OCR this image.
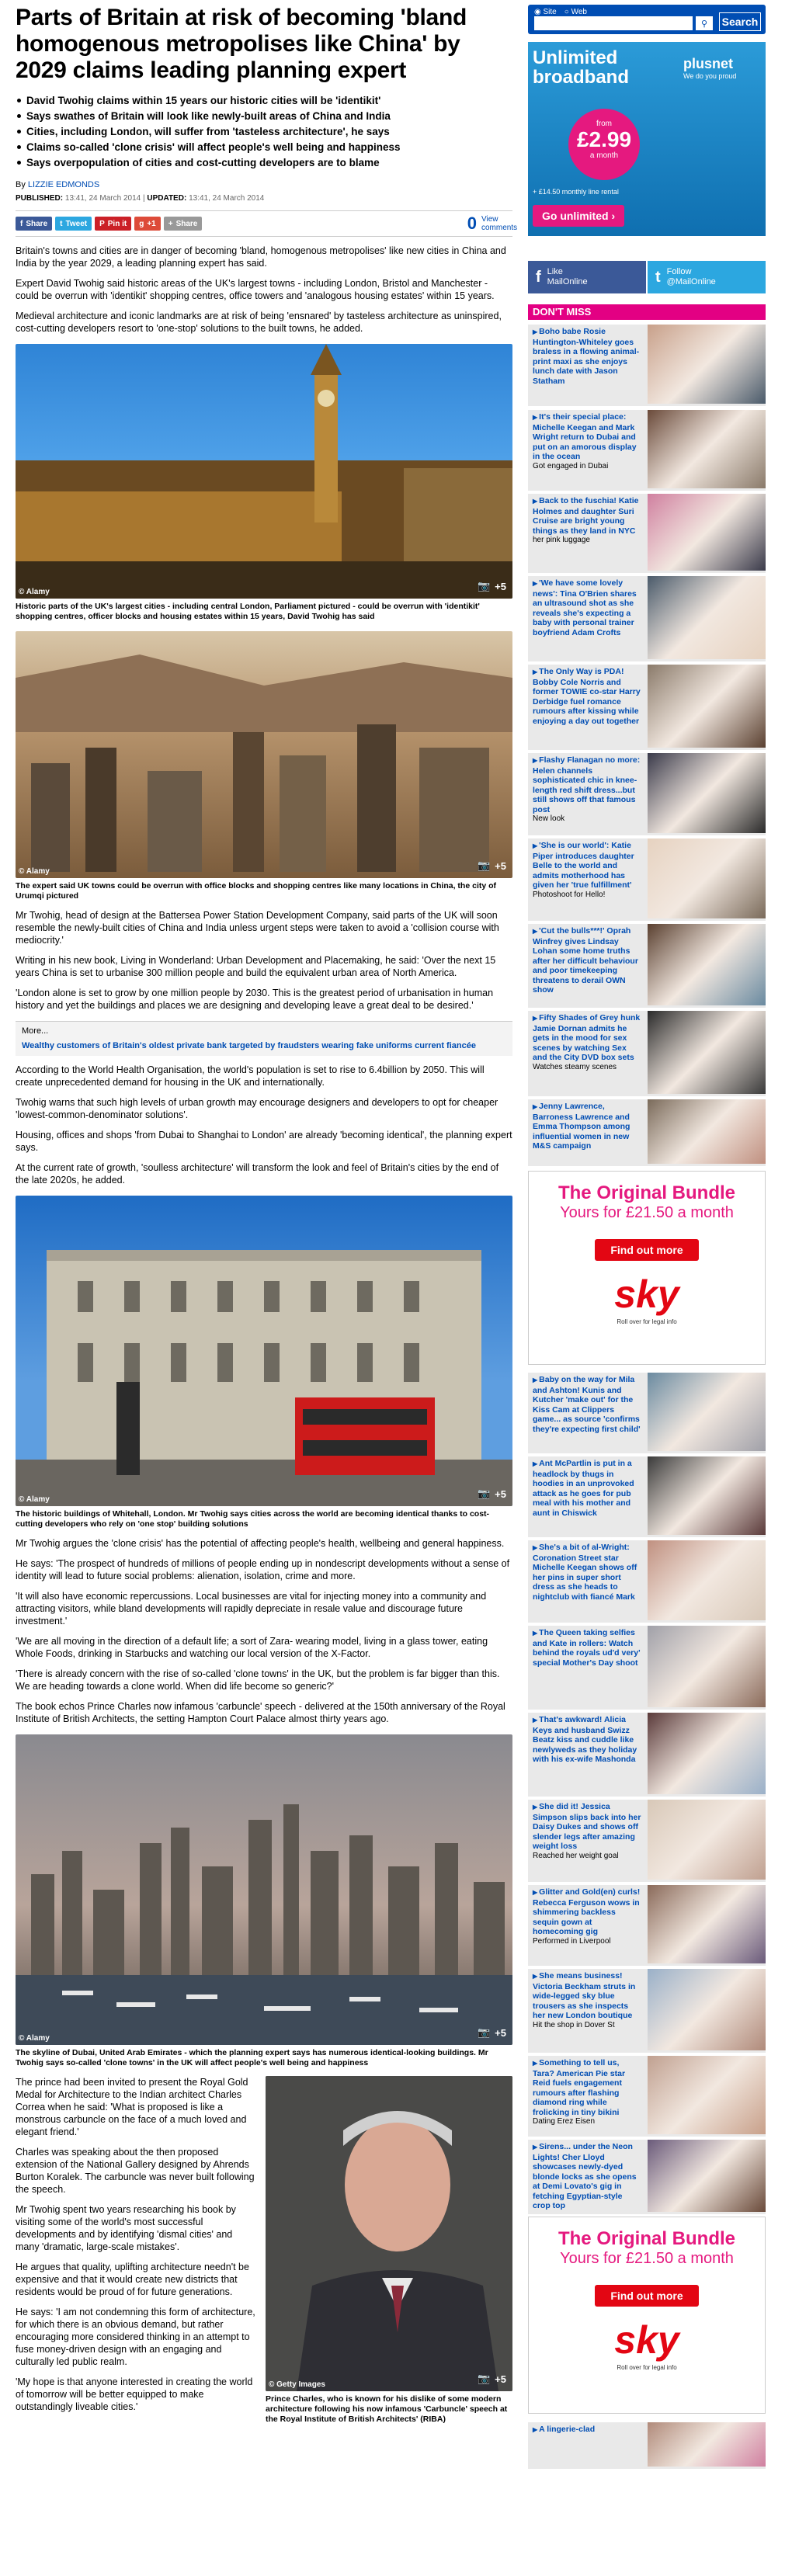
Parts of Britain at risk of becoming 'bland homogenous metropolises like China' by 2029 claims leading planning expert
David Twohig claims within 15 years our historic cities will be 'identikit'
Says swathes of Britain will look like newly-built areas of China and India
Cities, including London, will suffer from 'tasteless architecture', he says
Claims so-called 'clone crisis' will affect people's well being and happiness
Says overpopulation of cities and cost-cutting developers are to blame
By LIZZIE EDMONDS
PUBLISHED: 13:41, 24 March 2014 | UPDATED: 13:41, 24 March 2014
f Share t Tweet P Pin it g +1 + Share	0 View comments

Britain's towns and cities are in danger of becoming 'bland, homogenous metropolises' like new cities in China and India by the year 2029, a leading planning expert has said.

Expert David Twohig said historic areas of the UK's largest towns - including London, Bristol and Manchester - could be overrun with 'identikit' shopping centres, office towers and 'analogous housing estates' within 15 years.

Medieval architecture and iconic landmarks are at risk of being 'ensnared' by tasteless architecture as uninspired, cost-cutting developers resort to 'one-stop' solutions to the built towns, he added.

© Alamy
📷 +5
Historic parts of the UK's largest cities - including central London, Parliament pictured - could be overrun with 'identikit' shopping centres, officer blocks and housing estates within 15 years, David Twohig has said
© Alamy
📷 +5
The expert said UK towns could be overrun with office blocks and shopping centres like many locations in China, the city of Urumqi pictured

Mr Twohig, head of design at the Battersea Power Station Development Company, said parts of the UK will soon resemble the newly-built cities of China and India unless urgent steps were taken to avoid a 'collision course with mediocrity.'

Writing in his new book, Living in Wonderland: Urban Development and Placemaking, he said: 'Over the next 15 years China is set to urbanise 300 million people and build the equivalent urban area of North America.

'London alone is set to grow by one million people by 2030. This is the greatest period of urbanisation in human history and yet the buildings and places we are designing and developing leave a great deal to be desired.'

More...
Wealthy customers of Britain's oldest private bank targeted by fraudsters wearing fake uniforms current fiancée

According to the World Health Organisation, the world's population is set to rise to 6.4billion by 2050. This will create unprecedented demand for housing in the UK and internationally.

Twohig warns that such high levels of urban growth may encourage designers and developers to opt for cheaper 'lowest-common-denominator solutions'.

Housing, offices and shops 'from Dubai to Shanghai to London' are already 'becoming identical', the planning expert says.

At the current rate of growth, 'soulless architecture' will transform the look and feel of Britain's cities by the end of the late 2020s, he added.

© Alamy
📷 +5
The historic buildings of Whitehall, London. Mr Twohig says cities across the world are becoming identical thanks to cost-cutting developers who rely on 'one stop' building solutions

Mr Twohig argues the 'clone crisis' has the potential of affecting people's health, wellbeing and general happiness.

He says: 'The prospect of hundreds of millions of people ending up in nondescript developments without a sense of identity will lead to future social problems: alienation, isolation, crime and more.

'It will also have economic repercussions. Local businesses are vital for injecting money into a community and attracting visitors, while bland developments will rapidly depreciate in resale value and discourage future investment.'

'We are all moving in the direction of a default life; a sort of Zara- wearing model, living in a glass tower, eating Whole Foods, drinking in Starbucks and watching our local version of the X-Factor.

'There is already concern with the rise of so-called 'clone towns' in the UK, but the problem is far bigger than this. We are heading towards a clone world. When did life become so generic?'

The book echos Prince Charles now infamous 'carbuncle' speech - delivered at the 150th anniversary of the Royal Institute of British Architects, the setting Hampton Court Palace almost thirty years ago.

© Alamy
📷 +5
The skyline of Dubai, United Arab Emirates - which the planning expert says has numerous identical-looking buildings. Mr Twohig says so-called 'clone towns' in the UK will affect people's well being and happiness

The prince had been invited to present the Royal Gold Medal for Architecture to the Indian architect Charles Correa when he said: 'What is proposed is like a monstrous carbuncle on the face of a much loved and elegant friend.'

Charles was speaking about the then proposed extension of the National Gallery designed by Ahrends Burton Koralek. The carbuncle was never built following the speech.

Mr Twohig spent two years researching his book by visiting some of the world's most successful developments and by identifying 'dismal cities' and many 'dramatic, large-scale mistakes'.

He argues that quality, uplifting architecture needn't be expensive and that it would create new districts that residents would be proud of for future generations.

He says: 'I am not condemning this form of architecture, for which there is an obvious demand, but rather encouraging more considered thinking in an attempt to fuse money-driven design with an engaging and culturally led public realm.

'My hope is that anyone interested in creating the world of tomorrow will be better equipped to make outstandingly liveable cities.'

© Getty Images
📷 +5
Prince Charles, who is known for his dislike of some modern architecture following his now infamous 'Carbuncle' speech at the Royal Institute of British Architects' (RIBA)
◉ Site ○ Web
⚲ Search
Unlimited broadband
plusnet
We do you proud
from
£2.99
a month
+ £14.50 monthly line rental
Go unlimited ›
f Like MailOnline	t Follow @MailOnline
DON'T MISS
▶ Boho babe Rosie Huntington-Whiteley goes braless in a flowing animal-print maxi as she enjoys lunch date with Jason Statham
▶ It's their special place: Michelle Keegan and Mark Wright return to Dubai and put on an amorous display in the ocean
Got engaged in Dubai
▶ Back to the fuschia! Katie Holmes and daughter Suri Cruise are bright young things as they land in NYC
her pink luggage
▶ 'We have some lovely news': Tina O'Brien shares an ultrasound shot as she reveals she's expecting a baby with personal trainer boyfriend Adam Crofts
▶ The Only Way is PDA! Bobby Cole Norris and former TOWIE co-star Harry Derbidge fuel romance rumours after kissing while enjoying a day out together
▶ Flashy Flanagan no more: Helen channels sophisticated chic in knee-length red shift dress...but still shows off that famous post
New look
▶ 'She is our world': Katie Piper introduces daughter Belle to the world and admits motherhood has given her 'true fulfillment'
Photoshoot for Hello!
▶ 'Cut the bulls***!' Oprah Winfrey gives Lindsay Lohan some home truths after her difficult behaviour and poor timekeeping threatens to derail OWN show
▶ Fifty Shades of Grey hunk Jamie Dornan admits he gets in the mood for sex scenes by watching Sex and the City DVD box sets
Watches steamy scenes
▶ Jenny Lawrence, Barroness Lawrence and Emma Thompson among influential women in new M&S campaign
▶ Baby on the way for Mila and Ashton! Kunis and Kutcher 'make out' for the Kiss Cam at Clippers game... as source 'confirms they're expecting first child'
▶ Ant McPartlin is put in a headlock by thugs in hoodies in an unprovoked attack as he goes for pub meal with his mother and aunt in Chiswick
▶ She's a bit of al-Wright: Coronation Street star Michelle Keegan shows off her pins in super short dress as she heads to nightclub with fiancé Mark
▶ The Queen taking selfies and Kate in rollers: Watch behind the royals ud'd very' special Mother's Day shoot
▶ That's awkward! Alicia Keys and husband Swizz Beatz kiss and cuddle like newlyweds as they holiday with his ex-wife Mashonda
▶ She did it! Jessica Simpson slips back into her Daisy Dukes and shows off slender legs after amazing weight loss
Reached her weight goal
▶ Glitter and Gold(en) curls! Rebecca Ferguson wows in shimmering backless sequin gown at homecoming gig
Performed in Liverpool
▶ She means business! Victoria Beckham struts in wide-legged sky blue trousers as she inspects her new London boutique
Hit the shop in Dover St
▶ Something to tell us, Tara? American Pie star Reid fuels engagement rumours after flashing diamond ring while frolicking in tiny bikini
Dating Erez Eisen
▶ Sirens... under the Neon Lights! Cher Lloyd showcases newly-dyed blonde locks as she opens at Demi Lovato's gig in fetching Egyptian-style crop top
▶ A lingerie-clad
The Original Bundle
Yours for £21.50 a month
Find out more
sky
Roll over for legal info
The Original Bundle
Yours for £21.50 a month
Find out more
sky
Roll over for legal info
